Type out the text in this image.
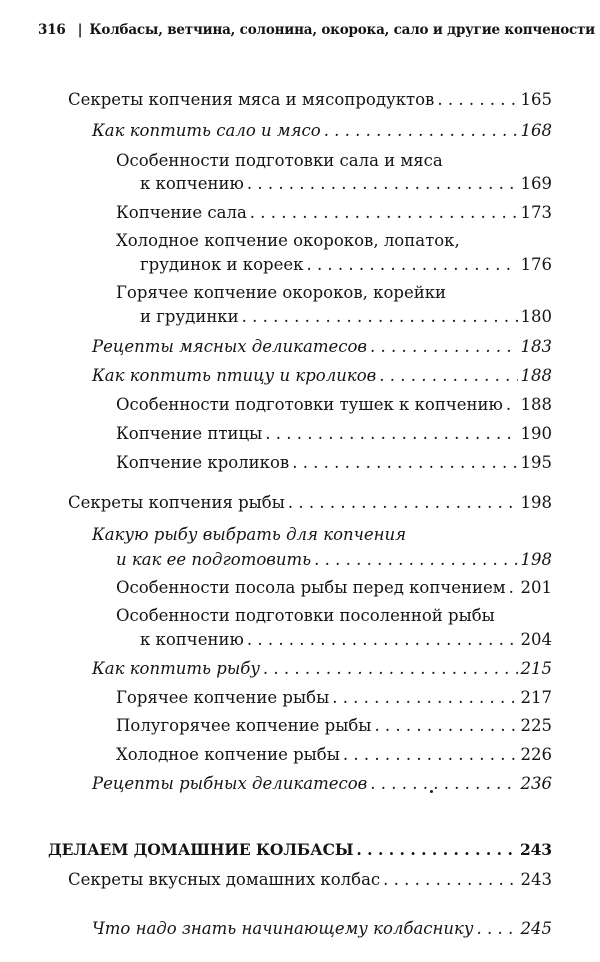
316 | Колбасы, ветчина, солонина, окорока, сало и другие копчености
Секреты копчения мяса и мясопродуктов . . .	165
Как коптить сало и мясо . . .	168
Особенности подготовки сала и мяса
к копчению . . .	169
Копчение сала . . .	173
Холодное копчение окороков, лопаток,
грудинок и кореек . . .	176
Горячее копчение окороков, корейки
и грудинки . . .	180
Рецепты мясных деликатесов . . .	183
Как коптить птицу и кроликов . . .	188
Особенности подготовки тушек к копчению . . . 188
Копчение птицы . . .	190
Копчение кроликов . . .	195
Секреты копчения рыбы . . .	198
Какую рыбу выбрать для копчения
и как ее подготовить . . .	198
Особенности посола рыбы перед копчением . . . 201
Особенности подготовки посоленной рыбы
к копчению . . .	204
Как коптить рыбу . . .	215
Горячее копчение рыбы . . .	217
Полугорячее копчение рыбы . . .	225
Холодное копчение рыбы . . .	226
Рецепты рыбных деликатесов . . .	236
ДЕЛАЕМ ДОМАШНИЕ КОЛБАСЫ . . .	243
Секреты вкусных домашних колбас . . .	243
Что надо знать начинающему колбаснику . . .	245
